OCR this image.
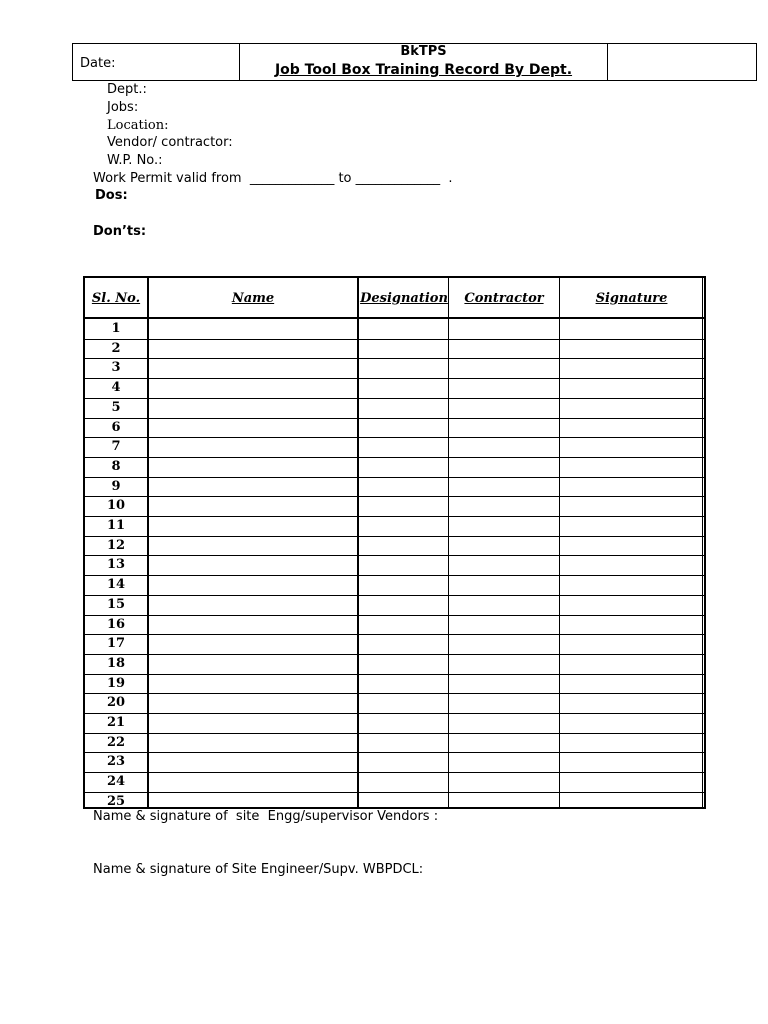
Date:
BkTPS
Job Tool Box Training Record By Dept.
Dept.:
Jobs:
Location:
Vendor/ contractor:
W.P. No.:
Work Permit valid from  _____________ to _____________  .
Dos:
Don’ts:
Sl. No.	Name	Designation	Contractor	Signature
1
2
3
4
5
6
7
8
9
10
11
12
13
14
15
16
17
18
19
20
21
22
23
24
25
Name & signature of  site  Engg/supervisor Vendors :
Name & signature of Site Engineer/Supv. WBPDCL:
